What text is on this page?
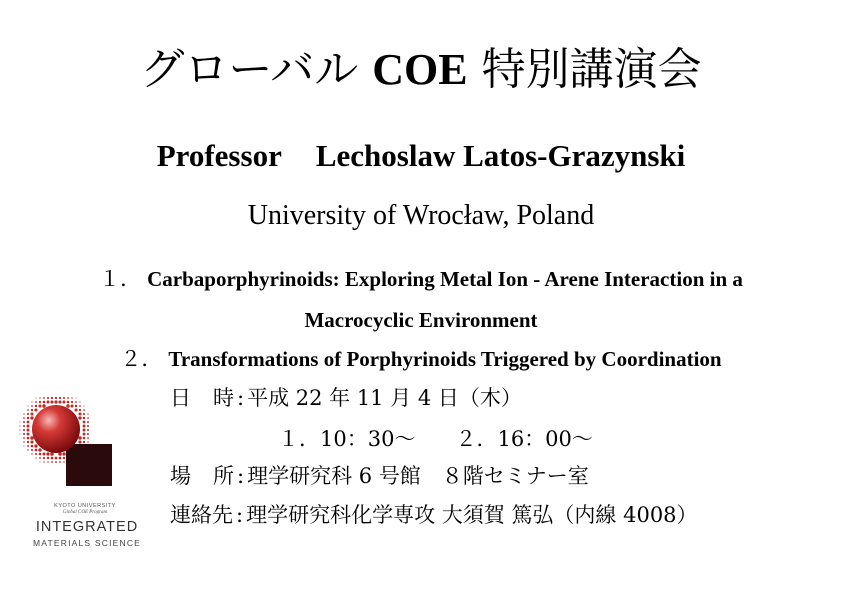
グローバル COE 特別講演会
Professor Lechoslaw Latos-Grazynski
University of Wrocław, Poland
１． Carbaporphyrinoids: Exploring Metal Ion - Arene Interaction in a
Macrocyclic Environment
２． Transformations of Porphyrinoids Triggered by Coordination
日 時 : 平成 22 年 11 月 4 日（木）
１．10：30～ ２．16：00～
場 所 : 理学研究科 6 号館　８階セミナー室
連絡先 : 理学研究科化学専攻 大須賀 篤弘（内線 4008）
KYOTO UNIVERSITY
Global COE Program
INTEGRATED
MATERIALS SCIENCE
